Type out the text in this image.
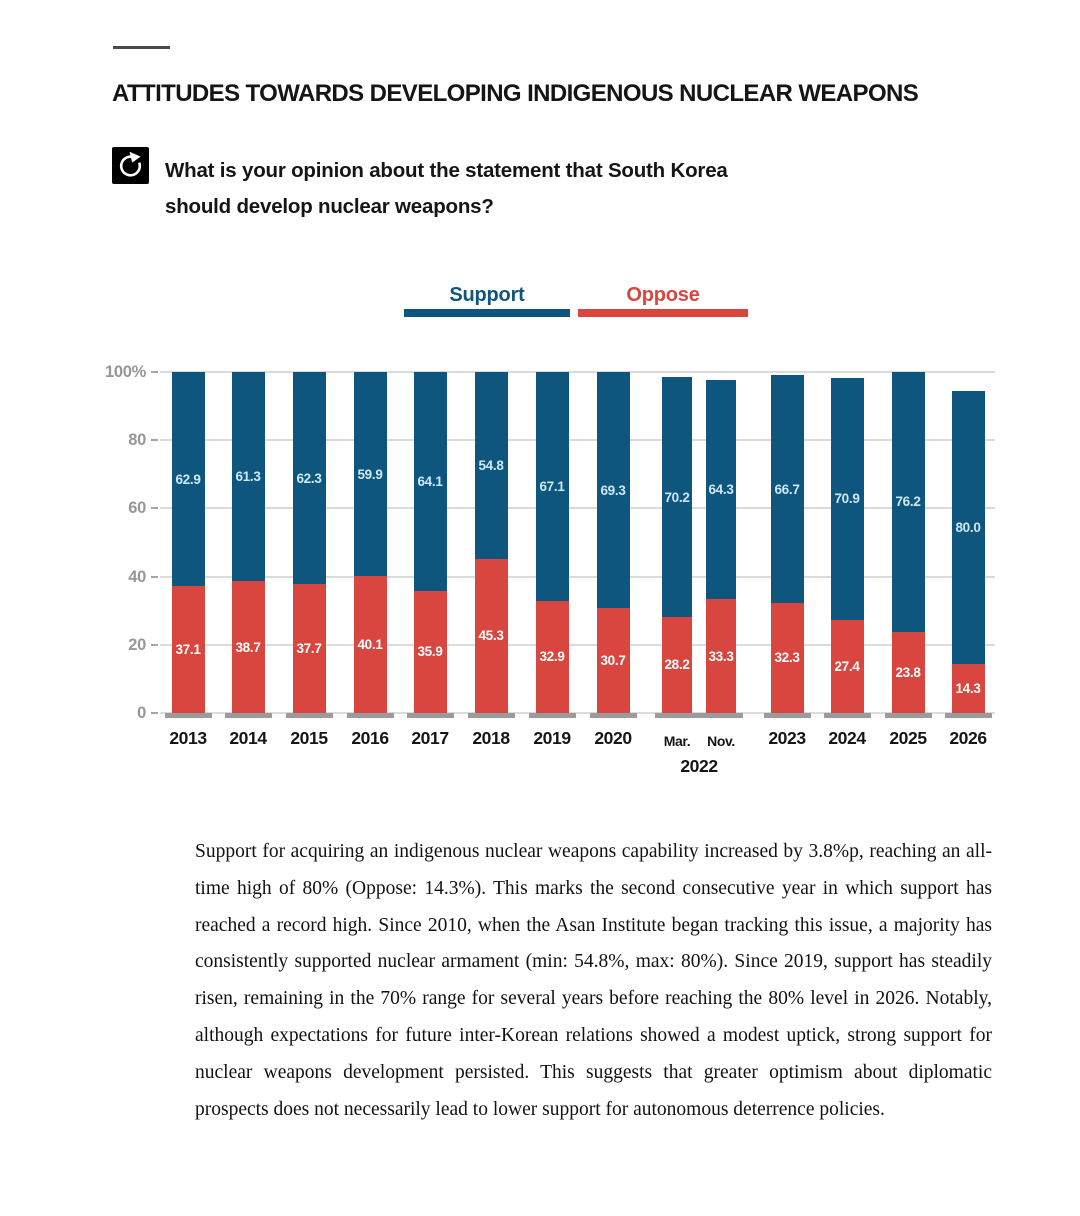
ATTITUDES TOWARDS DEVELOPING INDIGENOUS NUCLEAR WEAPONS
What is your opinion about the statement that South Korea
should develop nuclear weapons?
Support	Oppose
0
20
40
60
80
100%
62.9
37.1
2013
61.3
38.7
2014
62.3
37.7
2015
59.9
40.1
2016
64.1
35.9
2017
54.8
45.3
2018
67.1
32.9
2019
69.3
30.7
2020
70.2
28.2
Mar.
64.3
33.3
Nov.
66.7
32.3
2023
70.9
27.4
2024
76.2
23.8
2025
80.0
14.3
2026
2022

Support for acquiring an indigenous nuclear weapons capability increased by 3.8%p, reaching an all-time high of 80% (Oppose: 14.3%). This marks the second consecutive year in which support has reached a record high. Since 2010, when the Asan Institute began tracking this issue, a majority has consistently supported nuclear armament (min: 54.8%, max: 80%). Since 2019, support has steadily risen, remaining in the 70% range for several years before reaching the 80% level in 2026. Notably, although expectations for future inter-Korean relations showed a modest uptick, strong support for nuclear weapons development persisted. This suggests that greater optimism about diplomatic prospects does not necessarily lead to lower support for autonomous deterrence policies.
